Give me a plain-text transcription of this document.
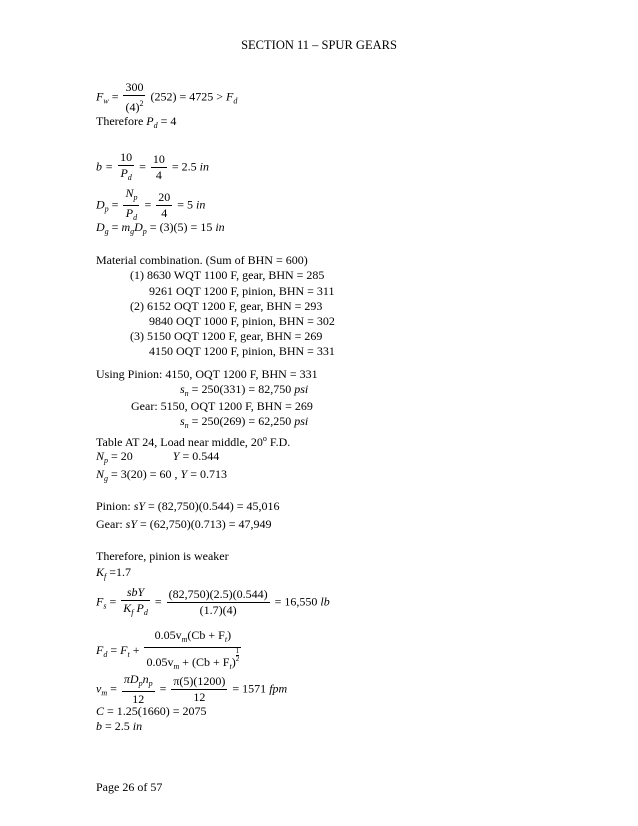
SECTION 11 – SPUR GEARS
$F_w = \frac{300}{(4)^2} (252) = 4725 > F_d$
Therefore $P_d = 4$
$b = \frac{10}{P_d} = \frac{10}{4} = 2.5$ in
$D_p = \frac{N_p}{P_d} = \frac{20}{4} = 5$ in
$D_g = m_gD_p = (3)(5) = 15$ in
Material combination. (Sum of BHN = 600)
(1) 8630 WQT 1100 F, gear, BHN = 285
9261 OQT 1200 F, pinion, BHN = 311
(2) 6152 OQT 1200 F, gear, BHN = 293
9840 OQT 1000 F, pinion, BHN = 302
(3) 5150 OQT 1200 F, gear, BHN = 269
4150 OQT 1200 F, pinion, BHN = 331
Using Pinion: 4150, OQT 1200 F, BHN = 331
$s_n = 250(331) = 82,750$ psi
Gear: 5150, OQT 1200 F, BHN = 269
$s_n = 250(269) = 62,250$ psi
Table AT 24, Load near middle, 20$^o$ F.D.
$N_p = 20$	Y = 0.544
$N_g = 3(20) = 60$ , Y = 0.713
Pinion: sY = (82,750)(0.544) = 45,016
Gear: sY = (62,750)(0.713) = 47,949
Therefore, pinion is weaker
$K_f =1.7$
$F_s = \frac{\text{sbY}}{K_f P_d} = \frac{(82,750)(2.5)(0.544)}{(1.7)(4)} = 16,550$ lb
$F_d = F_t + 0.05v_m(Cb + F_t)$
$0.05v_m + (Cb + F_t)$ $^{\frac{1}{2}}$
$v_m = \frac{\pi D_pn_p}{12} = \frac{\pi(5)(1200)}{12} = 1571$ fpm
C = 1.25(1660) = 2075
b = 2.5 in
Page 26 of 57
